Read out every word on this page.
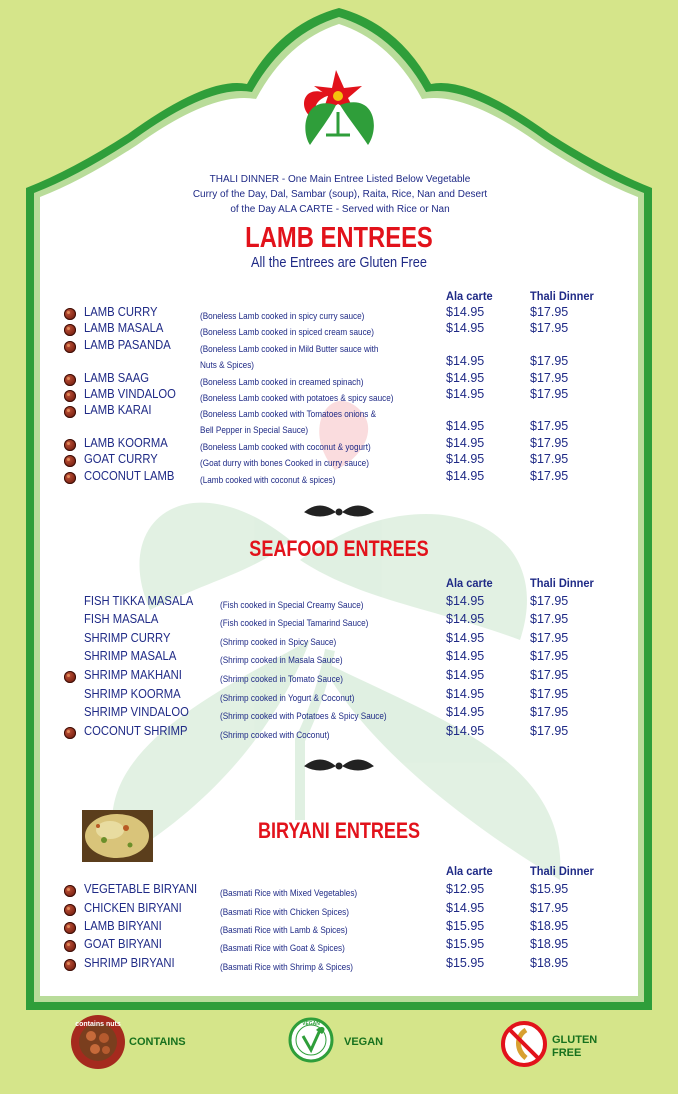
THALI DINNER - One Main Entree Listed Below Vegetable
Curry of the Day, Dal, Sambar (soup), Raita, Rice, Nan and Desert
of the Day ALA CARTE - Served with Rice or Nan
LAMB ENTREES
All the Entrees are Gluten Free
Ala carte	Thali Dinner
LAMB CURRY	(Boneless Lamb cooked in spicy curry sauce)	$14.95	$17.95
LAMB MASALA	(Boneless Lamb cooked in spiced cream sauce)	$14.95	$17.95
LAMB PASANDA	(Boneless Lamb cooked in Mild Butter sauce with
Nuts & Spices)	$14.95	$17.95
LAMB SAAG	(Boneless Lamb cooked in creamed spinach)	$14.95	$17.95
LAMB VINDALOO	(Boneless Lamb cooked with potatoes & spicy sauce)	$14.95	$17.95
LAMB KARAI	(Boneless Lamb cooked with Tomatoes onions &
Bell Pepper in Special Sauce)	$14.95	$17.95
LAMB KOORMA	(Boneless Lamb cooked with coconut & yogurt)	$14.95	$17.95
GOAT CURRY	(Goat durry with bones Cooked in curry sauce)	$14.95	$17.95
COCONUT LAMB	(Lamb cooked with coconut & spices)	$14.95	$17.95
SEAFOOD ENTREES
Ala carte	Thali Dinner
FISH TIKKA MASALA	(Fish cooked in Special Creamy Sauce)	$14.95	$17.95
FISH MASALA	(Fish cooked in Special Tamarind Sauce)	$14.95	$17.95
SHRIMP CURRY	(Shrimp cooked in Spicy Sauce)	$14.95	$17.95
SHRIMP MASALA	(Shrimp cooked in Masala Sauce)	$14.95	$17.95
SHRIMP MAKHANI	(Shrimp cooked in Tomato Sauce)	$14.95	$17.95
SHRIMP KOORMA	(Shrimp cooked in Yogurt & Coconut)	$14.95	$17.95
SHRIMP VINDALOO	(Shrimp cooked with Potatoes & Spicy Sauce)	$14.95	$17.95
COCONUT SHRIMP	(Shrimp cooked with Coconut)	$14.95	$17.95
BIRYANI ENTREES
Ala carte	Thali Dinner
VEGETABLE BIRYANI (Basmati Rice with Mixed Vegetables)	$12.95	$15.95
CHICKEN BIRYANI	(Basmati Rice with Chicken Spices)	$14.95	$17.95
LAMB BIRYANI	(Basmati Rice with Lamb & Spices)	$15.95	$18.95
GOAT BIRYANI	(Basmati Rice with Goat & Spices)	$15.95	$18.95
SHRIMP BIRYANI	(Basmati Rice with Shrimp & Spices)	$15.95	$18.95
contains nuts
CONTAINS
VEGAN
VEGAN	GLUTEN
FREE
